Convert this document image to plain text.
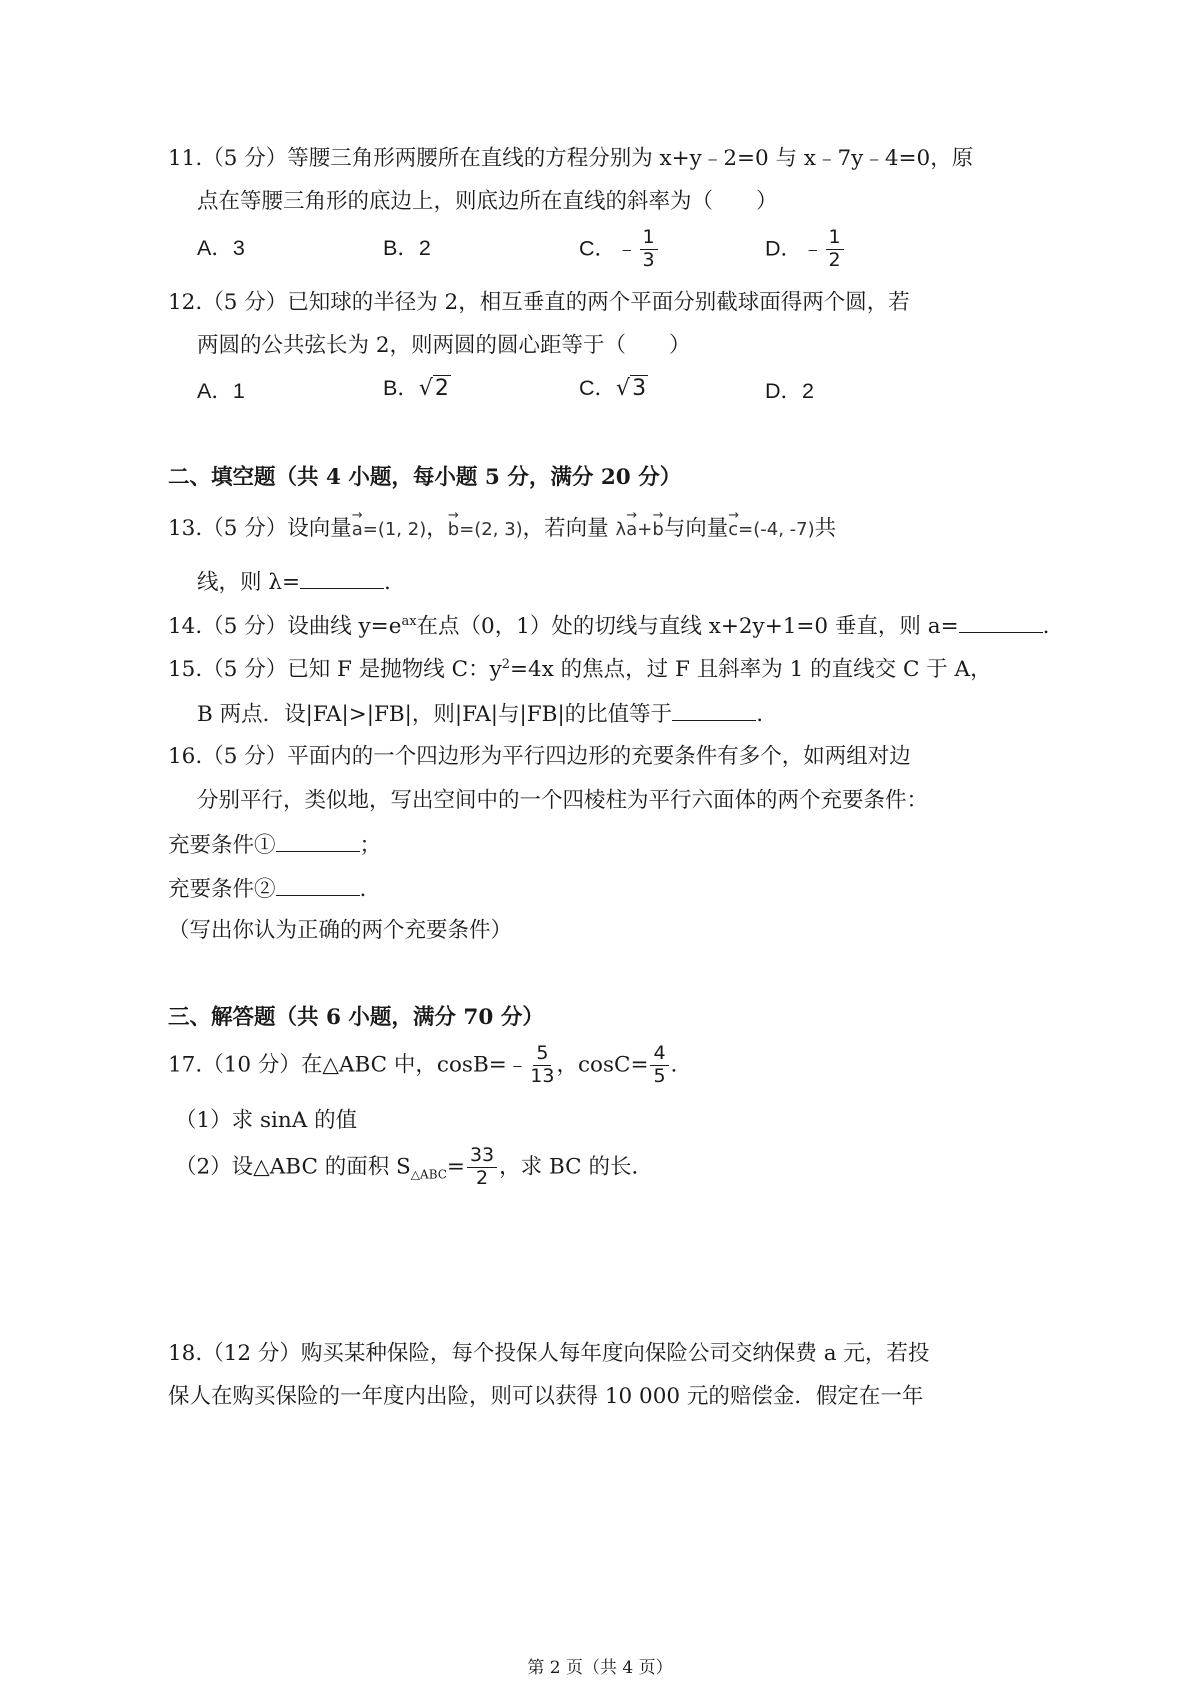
11.（5 分）等腰三角形两腰所在直线的方程分别为 x+y﹣2=0 与 x﹣7y﹣4=0，原
点在等腰三角形的底边上，则底边所在直线的斜率为（　　）
A．3	B．2	C．﹣ $\frac{1}{3}$	D．﹣ $\frac{1}{2}$
12.（5 分）已知球的半径为 2，相互垂直的两个平面分别截球面得两个圆，若
两圆的公共弦长为 2，则两圆的圆心距等于（　　）
A．1	B．√2	C．√3	D．2
二、填空题（共 4 小题，每小题 5 分，满分 20 分）
13.（5 分）设向量
→
a=(1, 2)，
→
b=(2, 3)，若向量 λ
→
a+
→
b与向量
→
c=(-4, -7)共
线，则 λ=	.
14.（5 分）设曲线 $y=e^{ax}$在点（0，1）处的切线与直线 x+2y+1=0 垂直，则 a=	.
15.（5 分）已知 F 是抛物线 C：$y^2=4x$ 的焦点，过 F 且斜率为 1 的直线交 C 于 A，
B 两点．设|FA|>|FB|，则|FA|与|FB|的比值等于	.
16.（5 分）平面内的一个四边形为平行四边形的充要条件有多个，如两组对边
分别平行，类似地，写出空间中的一个四棱柱为平行六面体的两个充要条件：
充要条件①	；
充要条件②	.
（写出你认为正确的两个充要条件）
三、解答题（共 6 小题，满分 70 分）
17.（10 分）在△ABC 中，cosB=﹣ $\frac{5}{13}$ ，$\cos C= \frac{4}{5}$ .
（1）求 sinA 的值
（2）设△ABC 的面积 $S_{\triangle ABC}= \frac{33}{2}$ ，求 BC 的长．
18.（12 分）购买某种保险，每个投保人每年度向保险公司交纳保费 a 元，若投
保人在购买保险的一年度内出险，则可以获得 10 000 元的赔偿金．假定在一年
第 2 页（共 4 页）
